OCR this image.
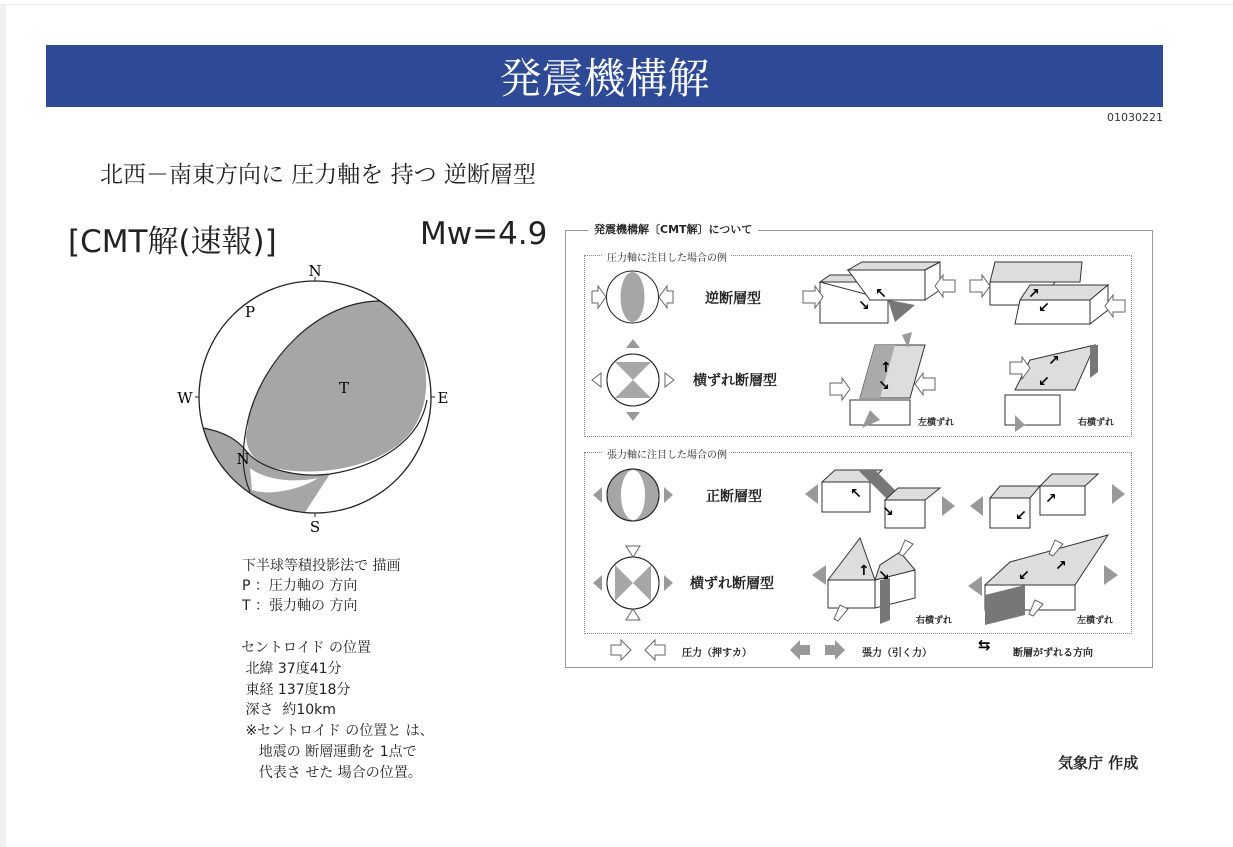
発震機構解
01030221
北西－南東方向に 圧力軸を 持つ 逆断層型
[CMT解(速報)]	Mw=4.9
N
S
W	E
P
T
N
下半球等積投影法で 描画
P ：圧力軸の 方向
T ：張力軸の 方向
セントロイド の位置
北緯 37度41分
東経 137度18分
深さ  約10km
※セントロイド の位置と は、
地震の 断層運動を 1点で
代表さ せた 場合の位置。
発震機構解〔CMT解〕について
圧力軸に注目した場合の例
張力軸に注目した場合の例
逆断層型
横ずれ断層型
左横ずれ	右横ずれ
正断層型
横ずれ断層型
右横ずれ	左横ずれ
↖
↘
↗
↙
↑
↘
↗
↙
↖
↘
↗
↙
↑ ↘	↙
↗
⇆
圧力（押すカ）	張力（引く力）	断層がずれる方向
気象庁 作成
